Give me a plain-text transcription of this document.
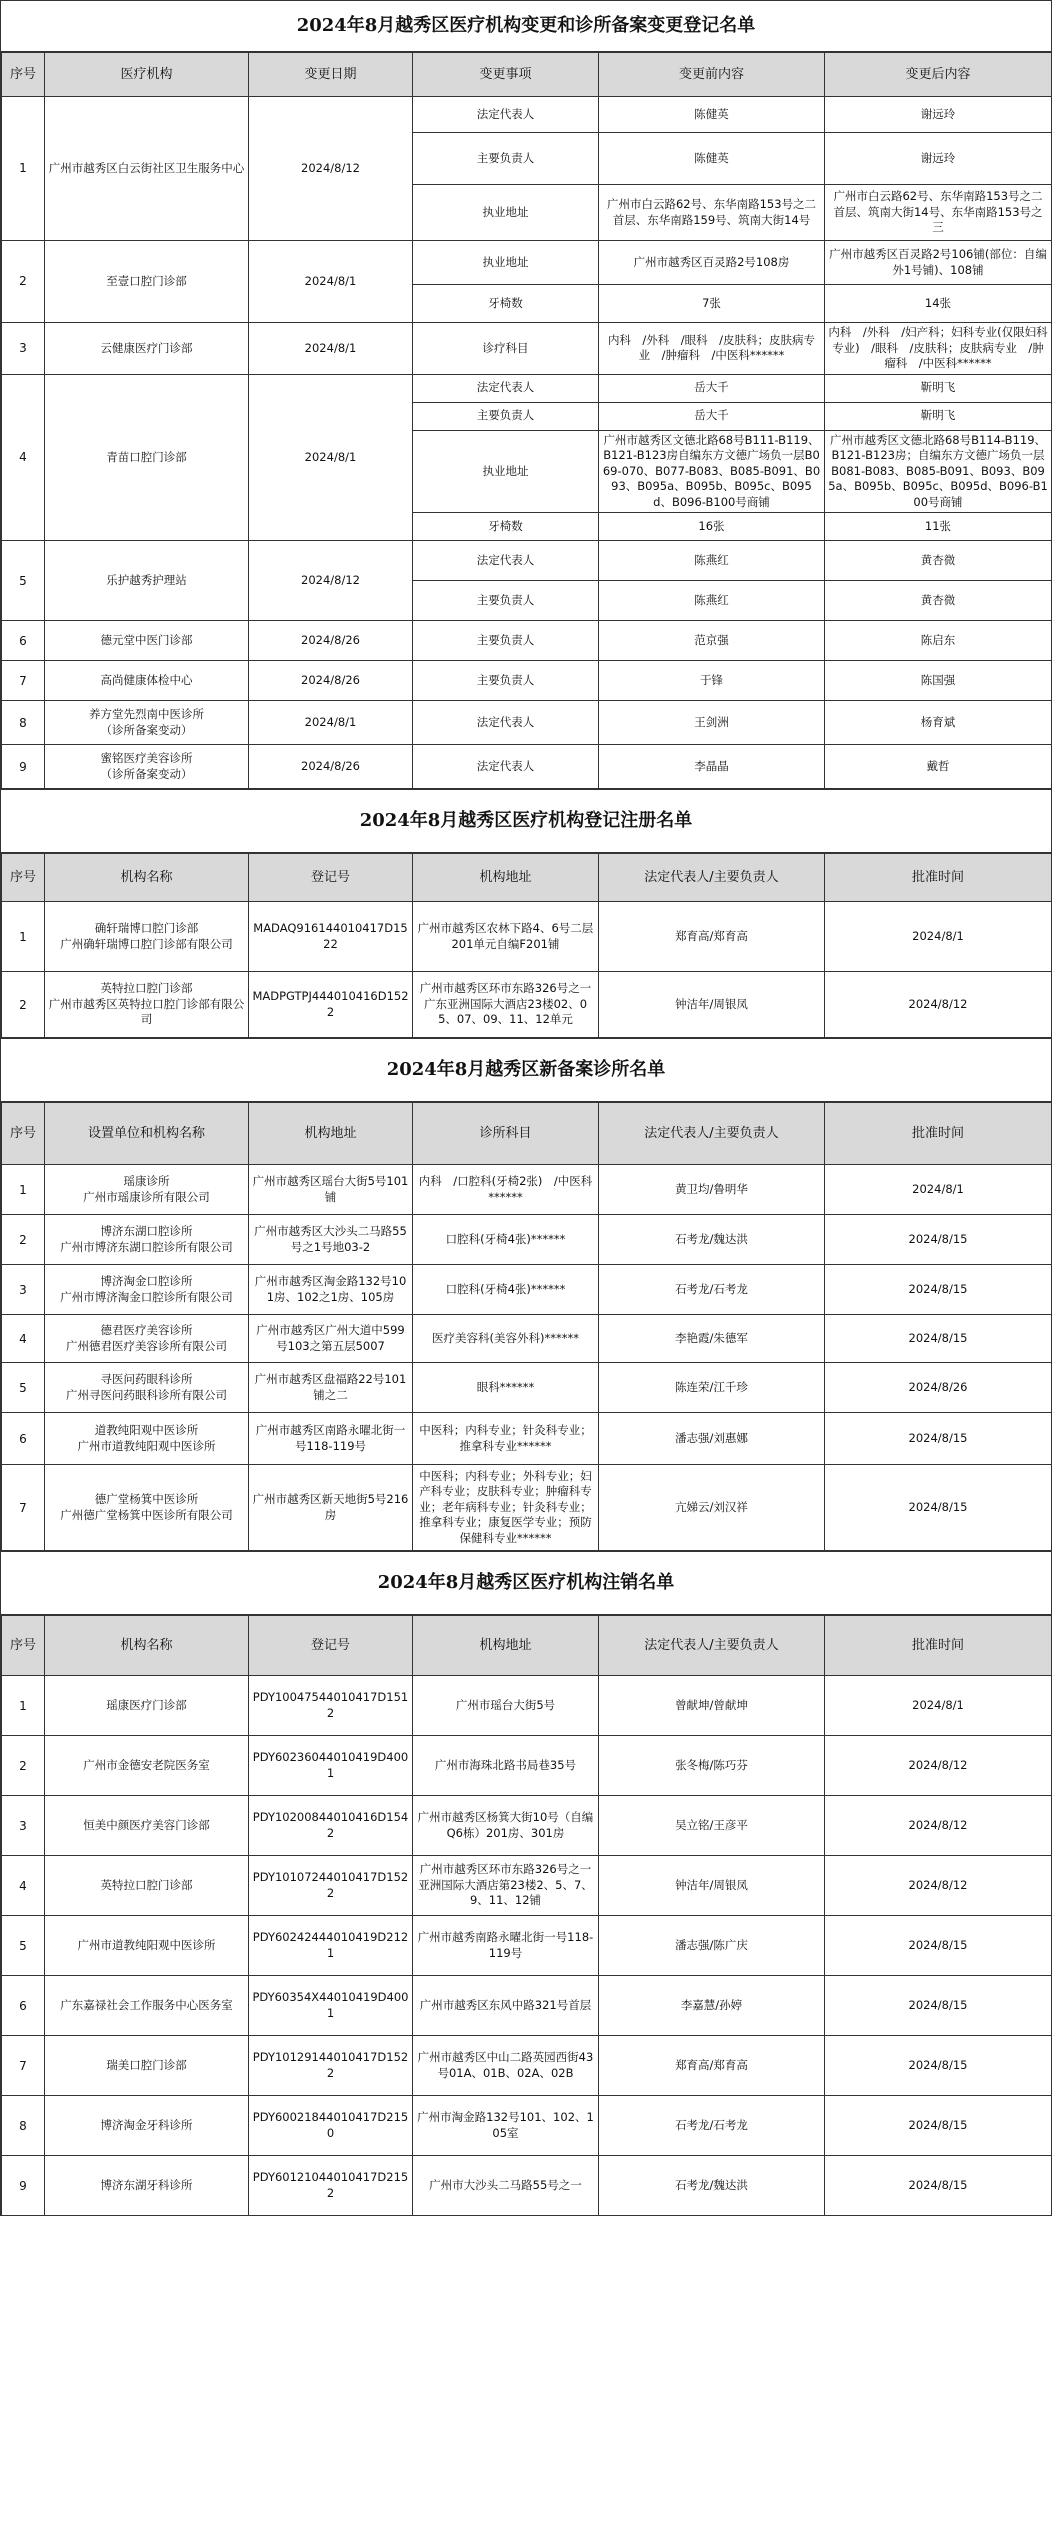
2024年8月越秀区医疗机构变更和诊所备案变更登记名单
序号	医疗机构	变更日期	变更事项	变更前内容	变更后内容
1	广州市越秀区白云街社区卫生服务中心	2024/8/12	法定代表人	陈健英	谢远玲
			主要负责人	陈健英	谢远玲
			执业地址	广州市白云路62号、东华南路153号之二首层、东华南路159号、筑南大街14号	广州市白云路62号、东华南路153号之二首层、筑南大街14号、东华南路153号之三
2	至壹口腔门诊部	2024/8/1	执业地址	广州市越秀区百灵路2号108房	广州市越秀区百灵路2号106铺(部位：自编外1号铺)、108铺
			牙椅数	7张	14张
3	云健康医疗门诊部	2024/8/1	诊疗科目	内科　/外科　/眼科　/皮肤科；皮肤病专业　/肿瘤科　/中医科******	内科　/外科　/妇产科；妇科专业(仅限妇科专业)　/眼科　/皮肤科；皮肤病专业　/肿瘤科　/中医科******
4	青苗口腔门诊部	2024/8/1	法定代表人	岳大千	靳明飞
			主要负责人	岳大千	靳明飞
			执业地址	广州市越秀区文德北路68号B111-B119、B121-B123房自编东方文德广场负一层B069-070、B077-B083、B085-B091、B093、B095a、B095b、B095c、B095d、B096-B100号商铺	广州市越秀区文德北路68号B114-B119、B121-B123房；自编东方文德广场负一层B081-B083、B085-B091、B093、B095a、B095b、B095c、B095d、B096-B100号商铺
			牙椅数	16张	11张
5	乐护越秀护理站	2024/8/12	法定代表人	陈燕红	黄杏微
			主要负责人	陈燕红	黄杏微
6	德元堂中医门诊部	2024/8/26	主要负责人	范京强	陈启东
7	高尚健康体检中心	2024/8/26	主要负责人	于锋	陈国强
8	养方堂先烈南中医诊所
（诊所备案变动）	2024/8/1	法定代表人	王剑洲	杨育斌
9	蜜铭医疗美容诊所
（诊所备案变动）	2024/8/26	法定代表人	李晶晶	戴哲
2024年8月越秀区医疗机构登记注册名单
序号	机构名称	登记号	机构地址	法定代表人/主要负责人	批准时间
1	确轩瑞博口腔门诊部
广州确轩瑞博口腔门诊部有限公司	MADAQ916144010417D1522	广州市越秀区农林下路4、6号二层201单元自编F201铺	郑育高/郑育高	2024/8/1
2	英特拉口腔门诊部
广州市越秀区英特拉口腔门诊部有限公司	MADPGTPJ444010416D1522	广州市越秀区环市东路326号之一广东亚洲国际大酒店23楼02、05、07、09、11、12单元	钟洁年/周银凤	2024/8/12
2024年8月越秀区新备案诊所名单
序号	设置单位和机构名称	机构地址	诊所科目	法定代表人/主要负责人	批准时间
1	瑶康诊所
广州市瑶康诊所有限公司	广州市越秀区瑶台大街5号101铺	内科　/口腔科(牙椅2张)　/中医科******	黄卫均/鲁明华	2024/8/1
2	博济东湖口腔诊所
广州市博济东湖口腔诊所有限公司	广州市越秀区大沙头二马路55号之1号地03-2	口腔科(牙椅4张)******	石考龙/魏达洪	2024/8/15
3	博济淘金口腔诊所
广州市博济淘金口腔诊所有限公司	广州市越秀区淘金路132号101房、102之1房、105房	口腔科(牙椅4张)******	石考龙/石考龙	2024/8/15
4	德君医疗美容诊所
广州德君医疗美容诊所有限公司	广州市越秀区广州大道中599号103之第五层5007	医疗美容科(美容外科)******	李艳霞/朱德军	2024/8/15
5	寻医问药眼科诊所
广州寻医问药眼科诊所有限公司	广州市越秀区盘福路22号101铺之二	眼科******	陈连荣/江千珍	2024/8/26
6	道教纯阳观中医诊所
广州市道教纯阳观中医诊所	广州市越秀区南路永曜北街一号118-119号	中医科；内科专业；针灸科专业；推拿科专业******	潘志强/刘惠娜	2024/8/15
7	德广堂杨箕中医诊所
广州德广堂杨箕中医诊所有限公司	广州市越秀区新天地街5号216房	中医科；内科专业；外科专业；妇产科专业；皮肤科专业；肿瘤科专业；老年病科专业；针灸科专业；推拿科专业；康复医学专业；预防保健科专业******	亢娣云/刘汉祥	2024/8/15
2024年8月越秀区医疗机构注销名单
序号	机构名称	登记号	机构地址	法定代表人/主要负责人	批准时间
1	瑶康医疗门诊部	PDY10047544010417D1512	广州市瑶台大街5号	曾献坤/曾献坤	2024/8/1
2	广州市金德安老院医务室	PDY60236044010419D4001	广州市海珠北路书局巷35号	张冬梅/陈巧芬	2024/8/12
3	恒美中颜医疗美容门诊部	PDY10200844010416D1542	广州市越秀区杨箕大街10号（自编Q6栋）201房、301房	吴立铭/王彦平	2024/8/12
4	英特拉口腔门诊部	PDY10107244010417D1522	广州市越秀区环市东路326号之一亚洲国际大酒店第23楼2、5、7、9、11、12铺	钟洁年/周银凤	2024/8/12
5	广州市道教纯阳观中医诊所	PDY60242444010419D2121	广州市越秀南路永曜北街一号118-119号	潘志强/陈广庆	2024/8/15
6	广东嘉禄社会工作服务中心医务室	PDY60354X44010419D4001	广州市越秀区东风中路321号首层	李嘉慧/孙婷	2024/8/15
7	瑞美口腔门诊部	PDY10129144010417D1522	广州市越秀区中山二路英园西街43号01A、01B、02A、02B	郑育高/郑育高	2024/8/15
8	博济淘金牙科诊所	PDY60021844010417D2150	广州市淘金路132号101、102、105室	石考龙/石考龙	2024/8/15
9	博济东湖牙科诊所	PDY60121044010417D2152	广州市大沙头二马路55号之一	石考龙/魏达洪	2024/8/15
